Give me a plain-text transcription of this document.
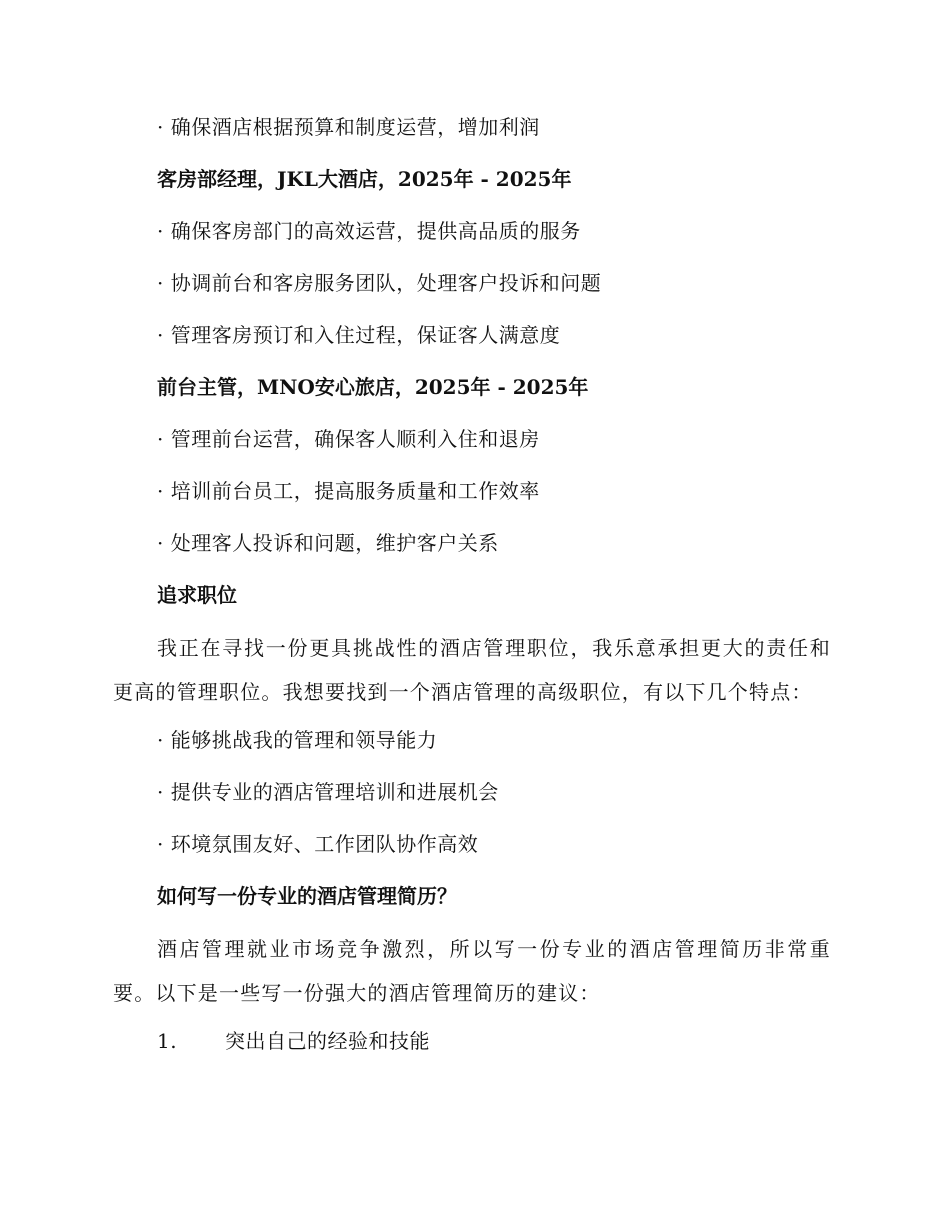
· 确保酒店根据预算和制度运营，增加利润
客房部经理，JKL大酒店，2025年 - 2025年
· 确保客房部门的高效运营，提供高品质的服务
· 协调前台和客房服务团队，处理客户投诉和问题
· 管理客房预订和入住过程，保证客人满意度
前台主管，MNO安心旅店，2025年 - 2025年
· 管理前台运营，确保客人顺利入住和退房
· 培训前台员工，提高服务质量和工作效率
· 处理客人投诉和问题，维护客户关系
追求职位
我正在寻找一份更具挑战性的酒店管理职位，我乐意承担更大的责任和更高的管理职位。我想要找到一个酒店管理的高级职位，有以下几个特点：
· 能够挑战我的管理和领导能力
· 提供专业的酒店管理培训和进展机会
· 环境氛围友好、工作团队协作高效
如何写一份专业的酒店管理简历？
酒店管理就业市场竞争激烈，所以写一份专业的酒店管理简历非常重要。以下是一些写一份强大的酒店管理简历的建议：
1. 突出自己的经验和技能
